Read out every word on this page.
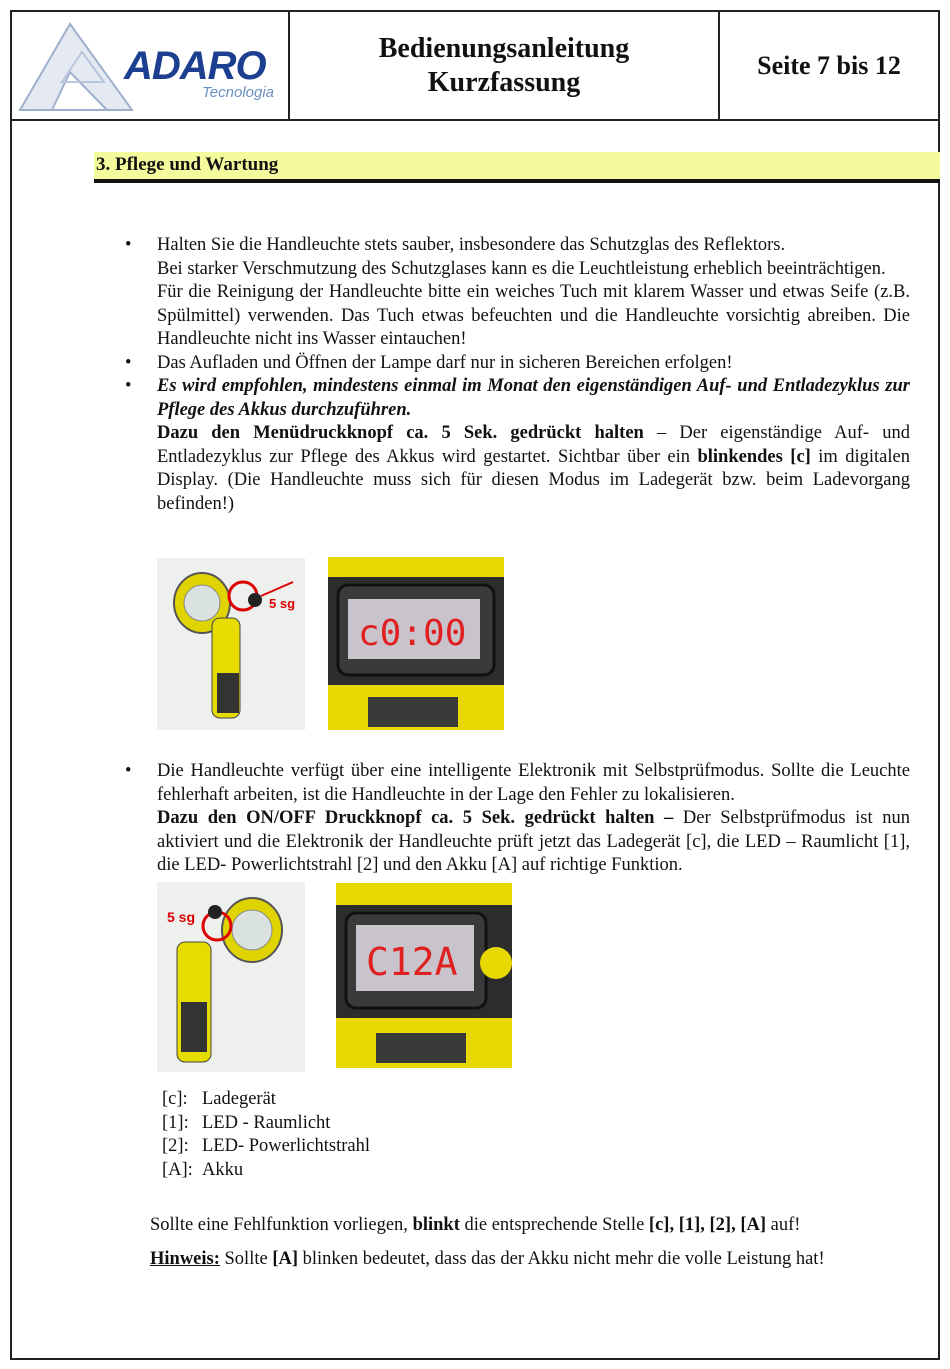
ADARO
Tecnologia
Bedienungsanleitung
Kurzfassung
Seite 7 bis 12
3. Pflege und Wartung
• Halten Sie die Handleuchte stets sauber, insbesondere das Schutzglas des Reflektors.
Bei starker Verschmutzung des Schutzglases kann es die Leuchtleistung erheblich beeinträchtigen.
Für die Reinigung der Handleuchte bitte ein weiches Tuch mit klarem Wasser und etwas Seife (z.B. Spülmittel) verwenden. Das Tuch etwas befeuchten und die Handleuchte vorsichtig abreiben. Die Handleuchte nicht ins Wasser eintauchen!
• Das Aufladen und Öffnen der Lampe darf nur in sicheren Bereichen erfolgen!
• Es wird empfohlen, mindestens einmal im Monat den eigenständigen Auf- und Entladezyklus zur Pflege des Akkus durchzuführen.
Dazu den Menüdruckknopf ca. 5 Sek. gedrückt halten – Der eigenständige Auf- und Entladezyklus zur Pflege des Akkus wird gestartet. Sichtbar über ein blinkendes [c] im digitalen Display. (Die Handleuchte muss sich für diesen Modus im Ladegerät bzw. beim Ladevorgang befinden!)
5 sg
c0:00
• Die Handleuchte verfügt über eine intelligente Elektronik mit Selbstprüfmodus. Sollte die Leuchte fehlerhaft arbeiten, ist die Handleuchte in der Lage den Fehler zu lokalisieren.
Dazu den ON/OFF Druckknopf ca. 5 Sek. gedrückt halten – Der Selbstprüfmodus ist nun aktiviert und die Elektronik der Handleuchte prüft jetzt das Ladegerät [c], die LED – Raumlicht [1], die LED- Powerlichtstrahl [2] und den Akku [A] auf richtige Funktion.
5 sg
C12A
[c]: Ladegerät
[1]: LED - Raumlicht
[2]: LED- Powerlichtstrahl
[A]: Akku
Sollte eine Fehlfunktion vorliegen, blinkt die entsprechende Stelle [c], [1], [2], [A] auf!
Hinweis: Sollte [A] blinken bedeutet, dass das der Akku nicht mehr die volle Leistung hat!
